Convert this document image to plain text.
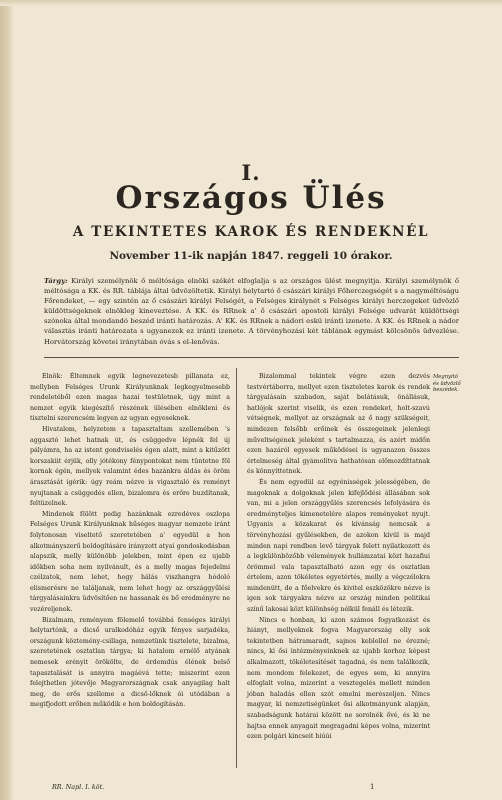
I.
Országos Ülés
A TEKINTETES KAROK ÉS RENDEKNÉL
November 11-ik napján 1847. reggeli 10 órakor.
Tárgy: Királyi személynök ő méltósága elnöki székét elfoglalja s az országos ülést megnyitja. Királyi személynök ő méltósága a KK. és RR. táblája által üdvözöltetik. Királyi helytartó ő császári királyi Főherczegségét s a nagyméltóságu Főrendeket, — egy szintén az ő császári királyi Felségét, a Felséges királynét s Felséges királyi herczegeket üdvözlő küldöttségeknek elnökleg kineveztése. A KK. és RRnek a' ő császári apostoli királyi Felsége udvarát küldöttségi szónoka által mondandó beszéd iránti határozás. A' KK. és RRnek a nádori eskü iránti izenete. A KK. és RRnek a nádor választás iránti határozata s ugyanezek ez iránti izenete. A törvényhozási két táblának egymást kölcsönös üdvezlése. Horvátország követei iránytában óvás s el-lenővás.

Elnök: Éltemnek egyik legnevezetesb pillanata ez, mellyben Felséges Urunk Királyunknak legkegyelmesebb rendeletéből ezen magas hazai testületnek, úgy mint a nemzet egyik kiegészítő részének ülésében elnökleni és tisztelni szerencsém legyen az ugyan egyeseknek.

Hivatalom, helyzetem s tapasztaltam szellemében 's aggasztó lehet hatnak út, és csüggedve lépnék fel új pályámra, ha az istent gondviselés égen alatt, mint a kitűzött korszakiit érjük, olly jótékony fénypontokat nem tüntetne föl kornak égén, mellyek valamint édes hazánkra áldás és öröm árasztását igérik: úgy reám nézve is vigasztaló és reményt nyujtanak a csüggedés ellen, bizalomra és erőre buzdítanak, feltüzelnek.

Mindenek fölött pedig hazánknak ezredéves oszlopa Felséges Urunk Királyunknak hűséges magyar nemzete iránt folytonosan viseltető szeretetében a' egyedül a hon alkotmányszerű boldogításáre irányzott atyai gondoskodásban alapszik, melly különöbb jelekben, mint épen ez ujabb időkben soha nem nyilvánult, és a melly magas fejedelmi czélzatok, nem lehet, hogy hálás viszhangra hódoló elismerésre ne találjanak, nem lehet hogy az országgyűlési tárgyalásainkra üdvösítően ne hassanak és bő eredményre ne vezéreljenek.

Bizalmam, reményem fölemelő továbbá fenséges királyi helytartónk, a dicső uralkodóház egyik fényes sarjadéka, országunk köztemény-csillaga, nemzetünk tisztelete, bizalma, szeretetének osztatlan tárgya; ki hatalom ernélő atyának nemesek erényit örökölte, de érdemdús élének belső tapasztalását is annyira magáévá tette; miszerint ezen felejthetlen jótevője Magyarországnak csak anyagilag halt meg, de erős szelleme a dicső-lőknek ói utódában a megifjodott erőben működik e hon boldogításán.

Bizalommal tekintek végre ezen dezvés testvértáborra, mellyet ezen tiszteletes karok és rendek tárgyalásain szabadon, saját belátásuk, önállásuk, hatlójok szerint viselik, és ezen rendeket, holt-szavú vétségnek, mellyet az országnak az ő nagy szükségeit, mindezen felsőbb erőinek és összegeinek jelenlegi műveltségének jeleként s tartalmazza, és azért midőn ezen hazáról egyesek működései is ugyanazon összes értelmeség által gyámolítva hathatósan előmozdíttatnak és könnyíttetnek.

És nem egyedül az egyénisségek jelességében, de magoknak a dolgoknak jelen kifejlődési állásában sok van, mi a jelen országgyűlés szerencsés lefolyására és eredményteljes kimenetelére alapos reményeket nyujt. Ugyanis a közakarat és kívánság nemcsak a törvényhozási gyűlésekben, de azokon kívül is majd minden napi rendben levő tárgyak felett nyilatkozott és a legkülönbözőbb vélemények hullámzatai közt hazafiui örömmel vala tapasztalható azon egy és osztatlan értelem, azon tökéletes egyetértés, melly a végczélokra mindenütt, de a főelvekre és kivitel eszközökre nézve is igen sok tárgyakra nézve az ország minden politikai színű lakosai közt különbség nélkül fenáll és létezik.

Nincs e honban, ki azon számos fogyatkozást és hiányt, mellyeknek fogva Magyarország olly sok tekintetben hátramaradt, sajnos keblellel ne érezné; nincs, ki ősi intézményeinknek az ujabb korhoz képest alkalmazott, tökéletesítését tagadná, és nem találkozik, nem mondom felekezet, de egyes sem, ki annyira elfoglalt volna, mizerint a vesztegelés mellett minden jóban haladás ellen szót emelni merészeljen. Nincs magyar, ki nemzetiségünket ősi alkotmányunk alapján, szabadságunk határai között ne sorolnék ővé, és ki ne hajtsa ennek anyagait megragadni képes volna, mizerint ezen polgári kincseit hiúúi

Megnyitó és üdvözlő beszédek.
RR. Napl. I. köt.	1
